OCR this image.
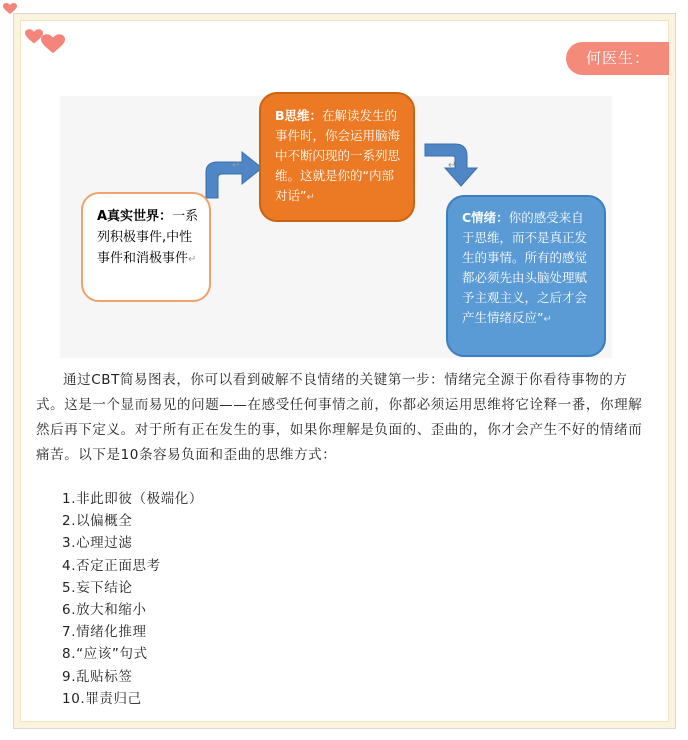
何医生：
↵	↵
A真实世界：一系列积极事件,中性事件和消极事件↵
B思维：在解读发生的事件时，你会运用脑海中不断闪现的一系列思维。这就是你的“内部对话”↵
C情绪：你的感受来自于思维，而不是真正发生的事情。所有的感觉都必须先由头脑处理赋予主观主义，之后才会产生情绪反应”↵
通过CBT简易图表，你可以看到破解不良情绪的关键第一步：情绪完全源于你看待事物的方式。这是一个显而易见的问题——在感受任何事情之前，你都必须运用思维将它诠释一番，你理解然后再下定义。对于所有正在发生的事，如果你理解是负面的、歪曲的，你才会产生不好的情绪而痛苦。以下是10条容易负面和歪曲的思维方式：
1.非此即彼（极端化）
2.以偏概全
3.心理过滤
4.否定正面思考
5.妄下结论
6.放大和缩小
7.情绪化推理
8.“应该”句式
9.乱贴标签
10.罪责归己
